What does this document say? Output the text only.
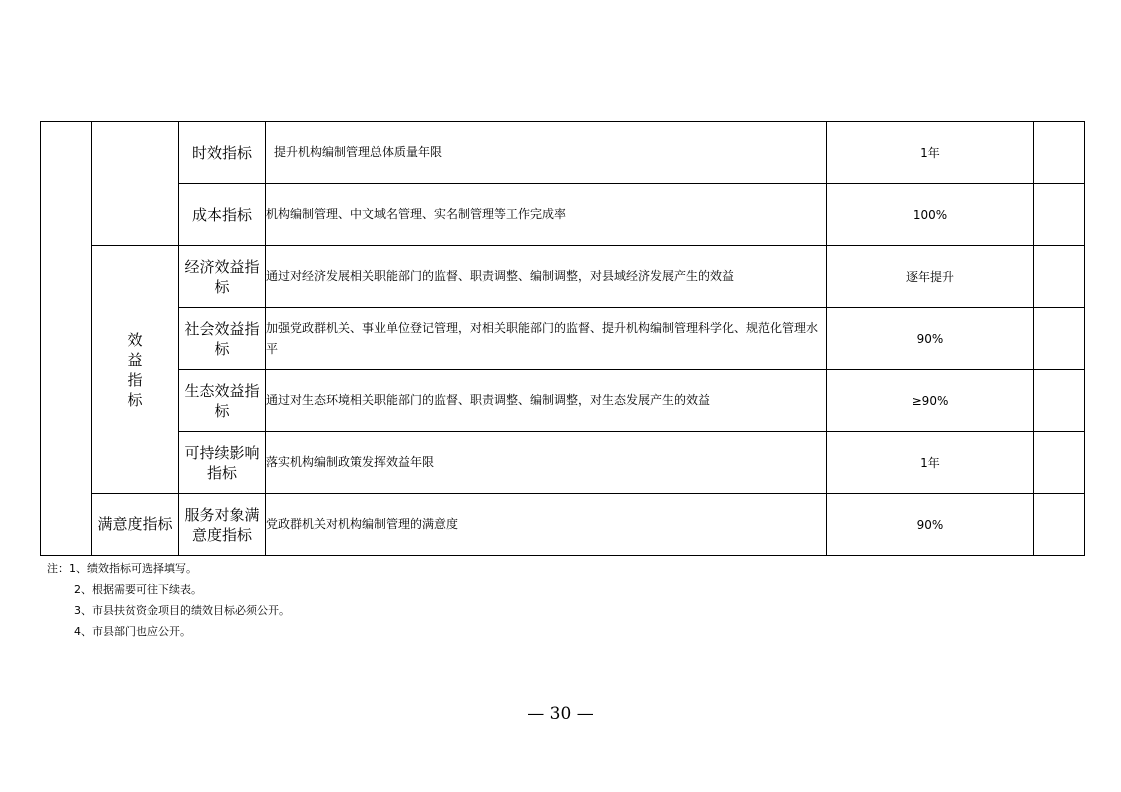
		时效指标	提升机构编制管理总体质量年限	1年	
		成本指标	机构编制管理、中文域名管理、实名制管理等工作完成率	100%	
	效益指标	经济效益指标	通过对经济发展相关职能部门的监督、职责调整、编制调整，对县域经济发展产生的效益	逐年提升	
		社会效益指标	加强党政群机关、事业单位登记管理，对相关职能部门的监督、提升机构编制管理科学化、规范化管理水平	90%	
		生态效益指标	通过对生态环境相关职能部门的监督、职责调整、编制调整，对生态发展产生的效益	≥90%	
		可持续影响指标	落实机构编制政策发挥效益年限	1年	
	满意度指标	服务对象满意度指标	党政群机关对机构编制管理的满意度	90%	
注：1、绩效指标可选择填写。
2、根据需要可往下续表。
3、市县扶贫资金项目的绩效目标必须公开。
4、市县部门也应公开。
— 30 —
